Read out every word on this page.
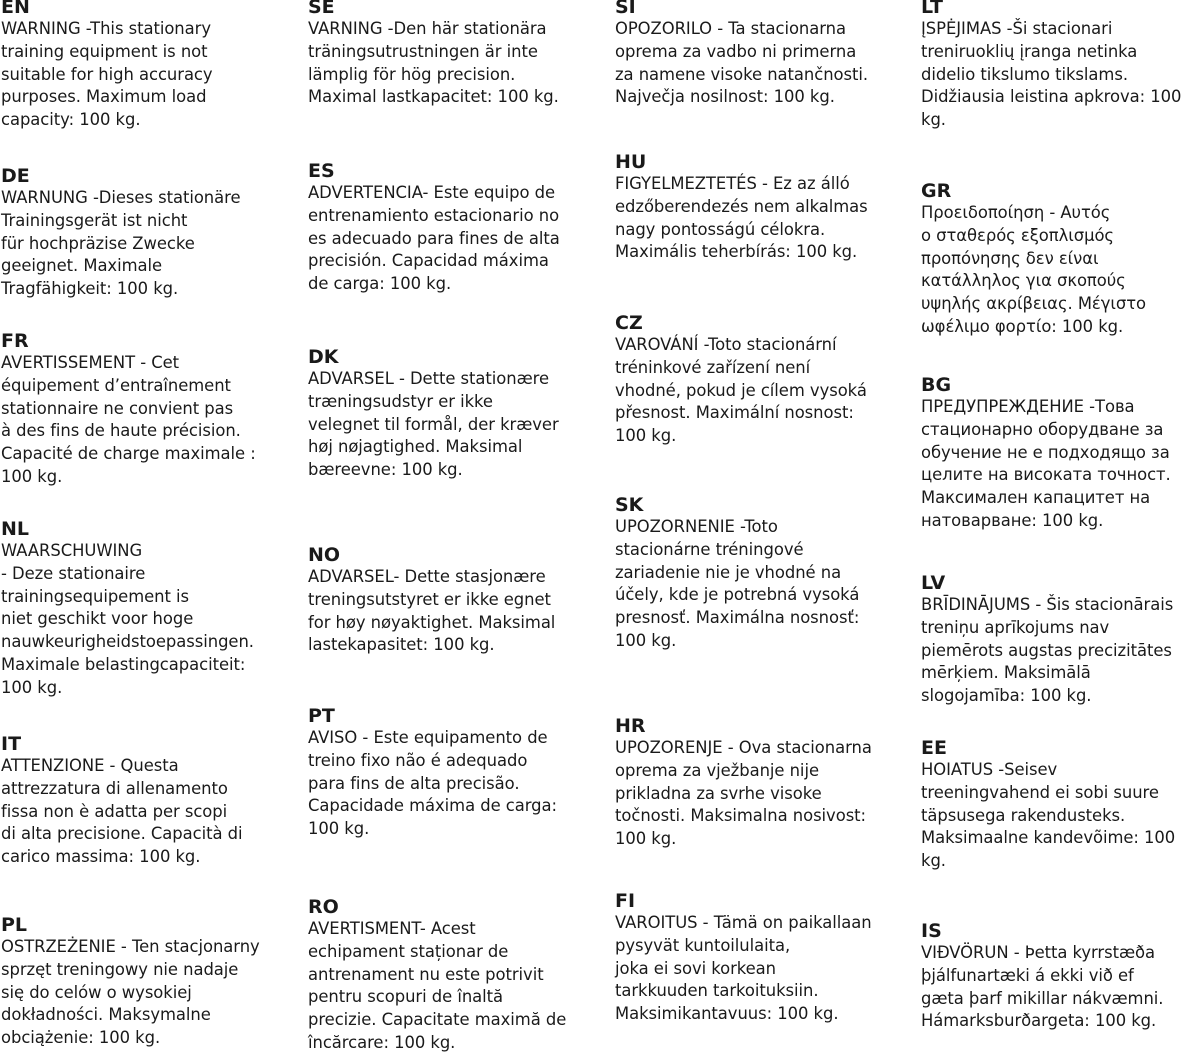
EN
WARNING -This stationary
training equipment is not
suitable for high accuracy
purposes. Maximum load
capacity: 100 kg.
DE
WARNUNG -Dieses stationäre
Trainingsgerät ist nicht
für hochpräzise Zwecke
geeignet. Maximale
Tragfähigkeit: 100 kg.
FR
AVERTISSEMENT - Cet
équipement d’entraînement
stationnaire ne convient pas
à des fins de haute précision.
Capacité de charge maximale :
100 kg.
NL
WAARSCHUWING
- Deze stationaire
trainingsequipement is
niet geschikt voor hoge
nauwkeurigheidstoepassingen.
Maximale belastingcapaciteit:
100 kg.
IT
ATTENZIONE - Questa
attrezzatura di allenamento
fissa non è adatta per scopi
di alta precisione. Capacità di
carico massima: 100 kg.
PL
OSTRZEŻENIE - Ten stacjonarny
sprzęt treningowy nie nadaje
się do celów o wysokiej
dokładności. Maksymalne
obciążenie: 100 kg.
SE
VARNING -Den här stationära
träningsutrustningen är inte
lämplig för hög precision.
Maximal lastkapacitet: 100 kg.
ES
ADVERTENCIA- Este equipo de
entrenamiento estacionario no
es adecuado para fines de alta
precisión. Capacidad máxima
de carga: 100 kg.
DK
ADVARSEL - Dette stationære
træningsudstyr er ikke
velegnet til formål, der kræver
høj nøjagtighed. Maksimal
bæreevne: 100 kg.
NO
ADVARSEL- Dette stasjonære
treningsutstyret er ikke egnet
for høy nøyaktighet. Maksimal
lastekapasitet: 100 kg.
PT
AVISO - Este equipamento de
treino fixo não é adequado
para fins de alta precisão.
Capacidade máxima de carga:
100 kg.
RO
AVERTISMENT- Acest
echipament staționar de
antrenament nu este potrivit
pentru scopuri de înaltă
precizie. Capacitate maximă de
încărcare: 100 kg.
SI
OPOZORILO - Ta stacionarna
oprema za vadbo ni primerna
za namene visoke natančnosti.
Največja nosilnost: 100 kg.
HU
FIGYELMEZTETÉS - Ez az álló
edzőberendezés nem alkalmas
nagy pontosságú célokra.
Maximális teherbírás: 100 kg.
CZ
VAROVÁNÍ -Toto stacionární
tréninkové zařízení není
vhodné, pokud je cílem vysoká
přesnost. Maximální nosnost:
100 kg.
SK
UPOZORNENIE -Toto
stacionárne tréningové
zariadenie nie je vhodné na
účely, kde je potrebná vysoká
presnosť. Maximálna nosnosť:
100 kg.
HR
UPOZORENJE - Ova stacionarna
oprema za vježbanje nije
prikladna za svrhe visoke
točnosti. Maksimalna nosivost:
100 kg.
FI
VAROITUS - Tämä on paikallaan
pysyvät kuntoilulaita,
joka ei sovi korkean
tarkkuuden tarkoituksiin.
Maksimikantavuus: 100 kg.
LT
ĮSPĖJIMAS -Ši stacionari
treniruoklių įranga netinka
didelio tikslumo tikslams.
Didžiausia leistina apkrova: 100
kg.
GR
Προειδοποίηση - Αυτός
ο σταθερός εξοπλισμός
προπόνησης δεν είναι
κατάλληλος για σκοπούς
υψηλής ακρίβειας. Μέγιστο
ωφέλιμο φορτίο: 100 kg.
BG
ПРЕДУПРЕЖДЕНИЕ -Това
стационарно оборудване за
обучение не е подходящо за
целите на високата точност.
Максимален капацитет на
натоварване: 100 kg.
LV
BRĪDINĀJUMS - Šis stacionārais
treniņu aprīkojums nav
piemērots augstas precizitātes
mērķiem. Maksimālā
slogojamība: 100 kg.
EE
HOIATUS -Seisev
treeningvahend ei sobi suure
täpsusega rakendusteks.
Maksimaalne kandevõime: 100
kg.
IS
VIÐVÖRUN - Þetta kyrrstæða
þjálfunartæki á ekki við ef
gæta þarf mikillar nákvæmni.
Hámarksburðargeta: 100 kg.
